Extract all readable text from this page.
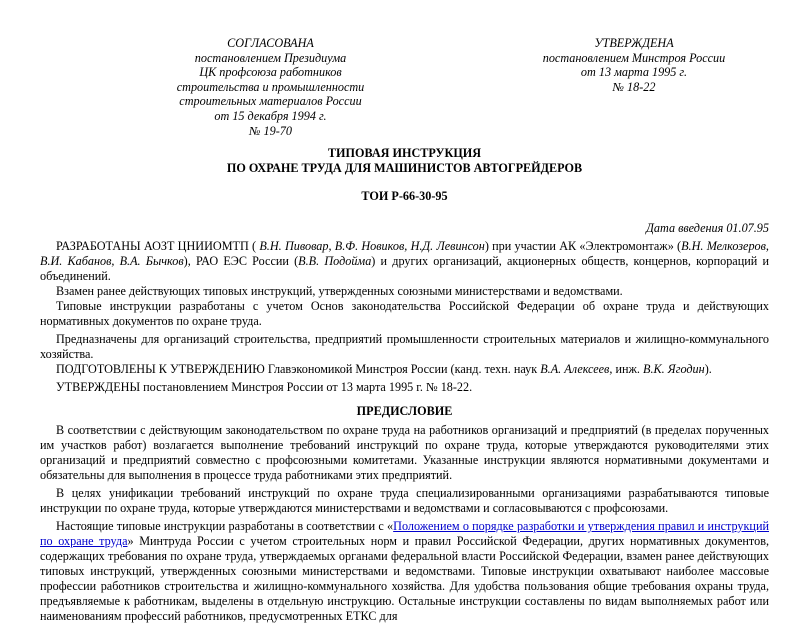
СОГЛАСОВАНА
постановлением Президиума
ЦК профсоюза работников
строительства и промышленности
строительных материалов России
от 15 декабря 1994 г.
№ 19-70
УТВЕРЖДЕНА
постановлением Минстроя России
от 13 марта 1995 г.
№ 18-22
ТИПОВАЯ ИНСТРУКЦИЯ
ПО ОХРАНЕ ТРУДА ДЛЯ МАШИНИСТОВ АВТОГРЕЙДЕРОВ
ТОИ Р-66-30-95
Дата введения 01.07.95

РАЗРАБОТАНЫ АОЗТ ЦНИИОМТП ( В.Н. Пивовар, В.Ф. Новиков, Н.Д. Левинсон) при участии АК «Электромонтаж» (В.Н. Мелкозеров, В.И. Кабанов, В.А. Бычков), РАО ЕЭС России (В.В. Подойма) и других организаций, акционерных обществ, концернов, корпораций и объединений.

Взамен ранее действующих типовых инструкций, утвержденных союзными министерствами и ведомствами.

Типовые инструкции разработаны с учетом Основ законодательства Российской Федерации об охране труда и действующих нормативных документов по охране труда.

Предназначены для организаций строительства, предприятий промышленности строительных материалов и жилищно-коммунального хозяйства.

ПОДГОТОВЛЕНЫ К УТВЕРЖДЕНИЮ Главэкономикой Минстроя России (канд. техн. наук В.А. Алексеев, инж. В.К. Ягодин).

УТВЕРЖДЕНЫ постановлением Минстроя России от 13 марта 1995 г. № 18-22.

ПРЕДИСЛОВИЕ

В соответствии с действующим законодательством по охране труда на работников организаций и предприятий (в пределах порученных им участков работ) возлагается выполнение требований инструкций по охране труда, которые утверждаются руководителями этих организаций и предприятий совместно с профсоюзными комитетами. Указанные инструкции являются нормативными документами и обязательны для выполнения в процессе труда работниками этих предприятий.

В целях унификации требований инструкций по охране труда специализированными организациями разрабатываются типовые инструкции по охране труда, которые утверждаются министерствами и ведомствами и согласовываются с профсоюзами.

Настоящие типовые инструкции разработаны в соответствии с «Положением о порядке разработки и утверждения правил и инструкций по охране труда» Минтруда России с учетом строительных норм и правил Российской Федерации, других нормативных документов, содержащих требования по охране труда, утверждаемых органами федеральной власти Российской Федерации, взамен ранее действующих типовых инструкций, утвержденных союзными министерствами и ведомствами. Типовые инструкции охватывают наиболее массовые профессии работников строительства и жилищно-коммунального хозяйства. Для удобства пользования общие требования охраны труда, предъявляемые к работникам, выделены в отдельную инструкцию. Остальные инструкции составлены по видам выполняемых работ или наименованиям профессий работников, предусмотренных ЕТКС для
